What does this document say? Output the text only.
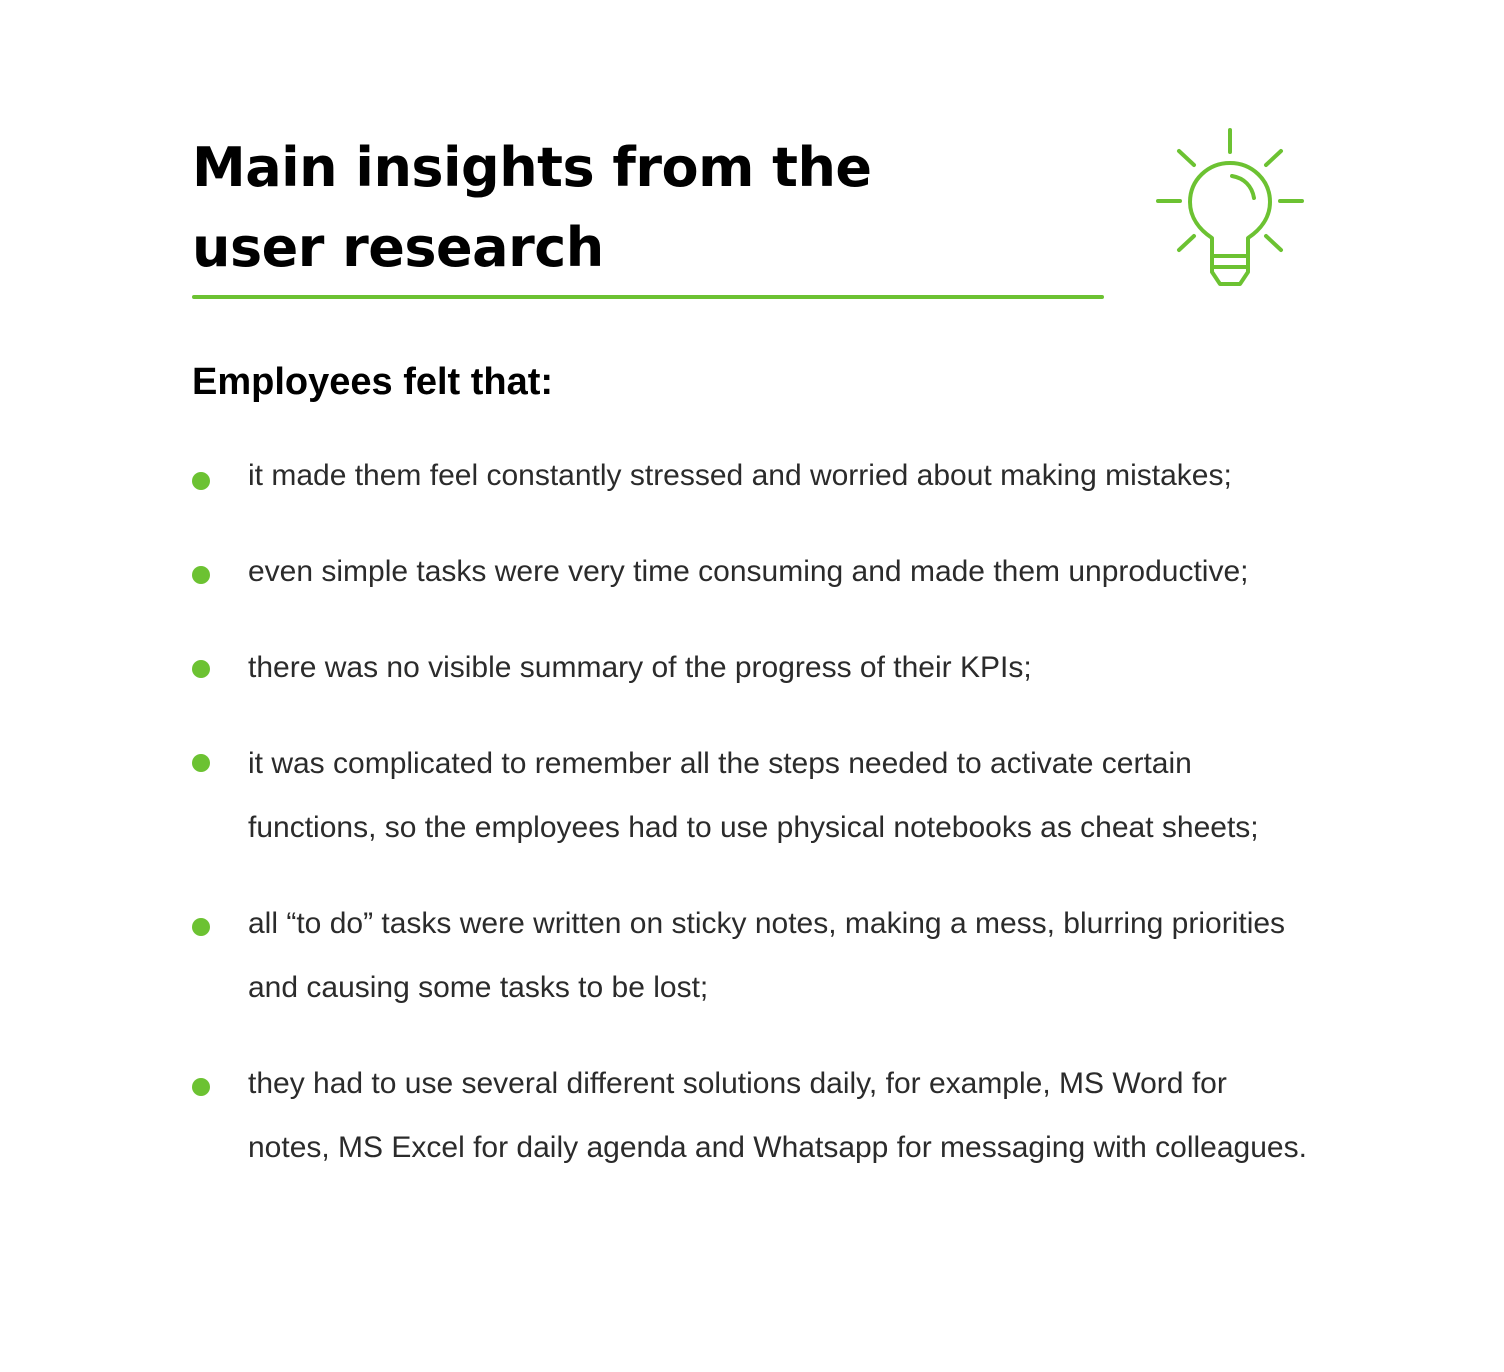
Main insights from the user research

Employees felt that:

it made them feel constantly stressed and worried about making mistakes;
even simple tasks were very time consuming and made them unproductive;
there was no visible summary of the progress of their KPIs;
it was complicated to remember all the steps needed to activate certain functions, so the employees had to use physical notebooks as cheat sheets;
all “to do” tasks were written on sticky notes, making a mess, blurring priorities and causing some tasks to be lost;
they had to use several different solutions daily, for example, MS Word for notes, MS Excel for daily agenda and Whatsapp for messaging with colleagues.
